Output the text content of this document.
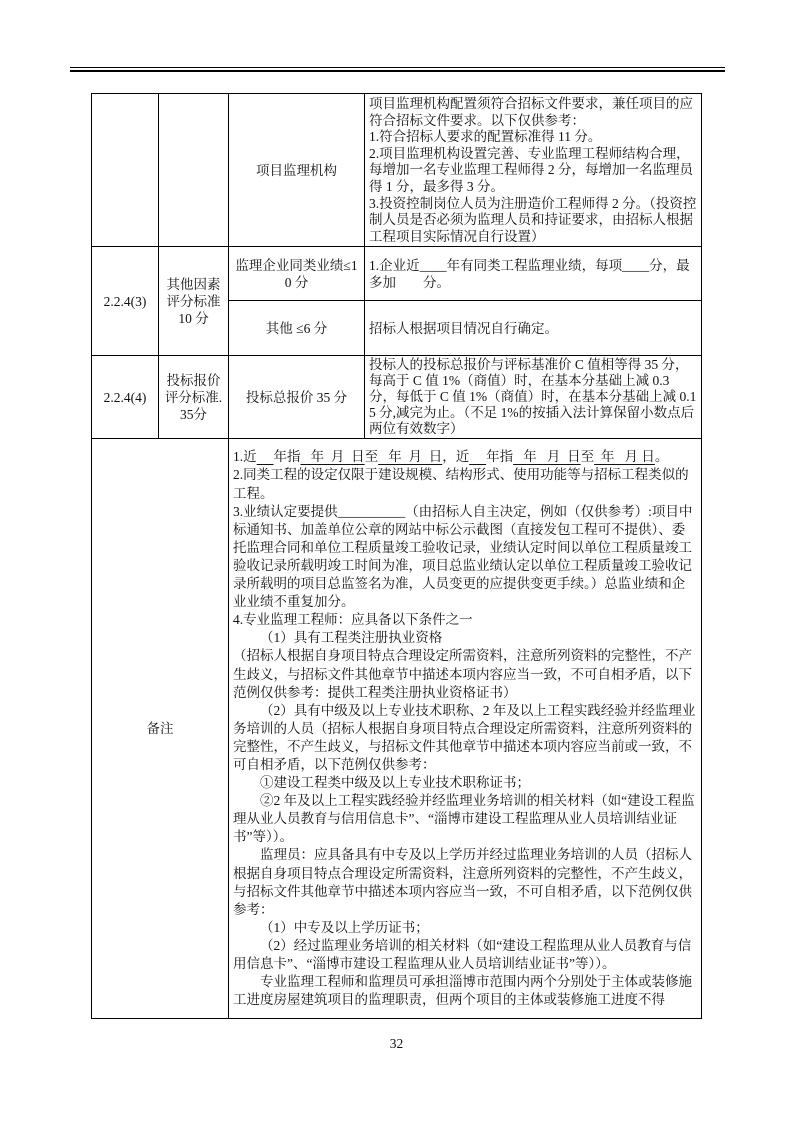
		项目监理机构	项目监理机构配置须符合招标文件要求，兼任项目的应符合招标文件要求。以下仅供参考：

1.符合招标人要求的配置标准得 11 分。

2.项目监理机构设置完善、专业监理工程师结构合理，每增加一名专业监理工程师得 2 分，每增加一名监理员得 1 分，最多得 3 分。

3.投资控制岗位人员为注册造价工程师得 2 分。（投资控制人员是否必须为监理人员和持证要求，由招标人根据工程项目实际情况自行设置）

2.2.4(3)	其他因素评分标准 10 分	监理企业同类业绩≤10 分	1.企业近____年有同类工程监理业绩，每项____分，最多加　　分。

		其他 ≤6 分	招标人根据项目情况自行确定。

2.2.4(4)	投标报价评分标准.35分	投标总报价 35 分	投标人的投标总报价与评标基准价 C 值相等得 35 分，每高于 C 值 1%（商值）时，在基本分基础上减 0.3 分，每低于 C 值 1%（商值）时，在基本分基础上减 0.15 分,减完为止。（不足 1%的按插入法计算保留小数点后两位有效数字）

备注	

1.近 年指   年  月  日至   年  月  日，近 年指   年   月  日至  年   月 日。

2.同类工程的设定仅限于建设规模、结构形式、使用功能等与招标工程类似的工程。

3.业绩认定要提供__________（由招标人自主决定，例如（仅供参考）:项目中标通知书、加盖单位公章的网站中标公示截图（直接发包工程可不提供）、委托监理合同和单位工程质量竣工验收记录，业绩认定时间以单位工程质量竣工验收记录所载明竣工时间为准，项目总监业绩认定以单位工程质量竣工验收记录所载明的项目总监签名为准，人员变更的应提供变更手续。）总监业绩和企业业绩不重复加分。

4.专业监理工程师：应具备以下条件之一

（1）具有工程类注册执业资格

（招标人根据自身项目特点合理设定所需资料，注意所列资料的完整性，不产生歧义，与招标文件其他章节中描述本项内容应当一致，不可自相矛盾，以下范例仅供参考：提供工程类注册执业资格证书）

（2）具有中级及以上专业技术职称、2 年及以上工程实践经验并经监理业务培训的人员（招标人根据自身项目特点合理设定所需资料，注意所列资料的完整性，不产生歧义，与招标文件其他章节中描述本项内容应当前或一致，不可自相矛盾，以下范例仅供参考：

①建设工程类中级及以上专业技术职称证书；

②2 年及以上工程实践经验并经监理业务培训的相关材料（如“建设工程监理从业人员教育与信用信息卡”、“淄博市建设工程监理从业人员培训结业证书”等））。

监理员：应具备具有中专及以上学历并经过监理业务培训的人员（招标人根据自身项目特点合理设定所需资料，注意所列资料的完整性，不产生歧义，与招标文件其他章节中描述本项内容应当一致，不可自相矛盾，以下范例仅供参考：

（1）中专及以上学历证书；

（2）经过监理业务培训的相关材料（如“建设工程监理从业人员教育与信用信息卡”、“淄博市建设工程监理从业人员培训结业证书”等））。

专业监理工程师和监理员可承担淄博市范围内两个分别处于主体或装修施工进度房屋建筑项目的监理职责，但两个项目的主体或装修施工进度不得

32
